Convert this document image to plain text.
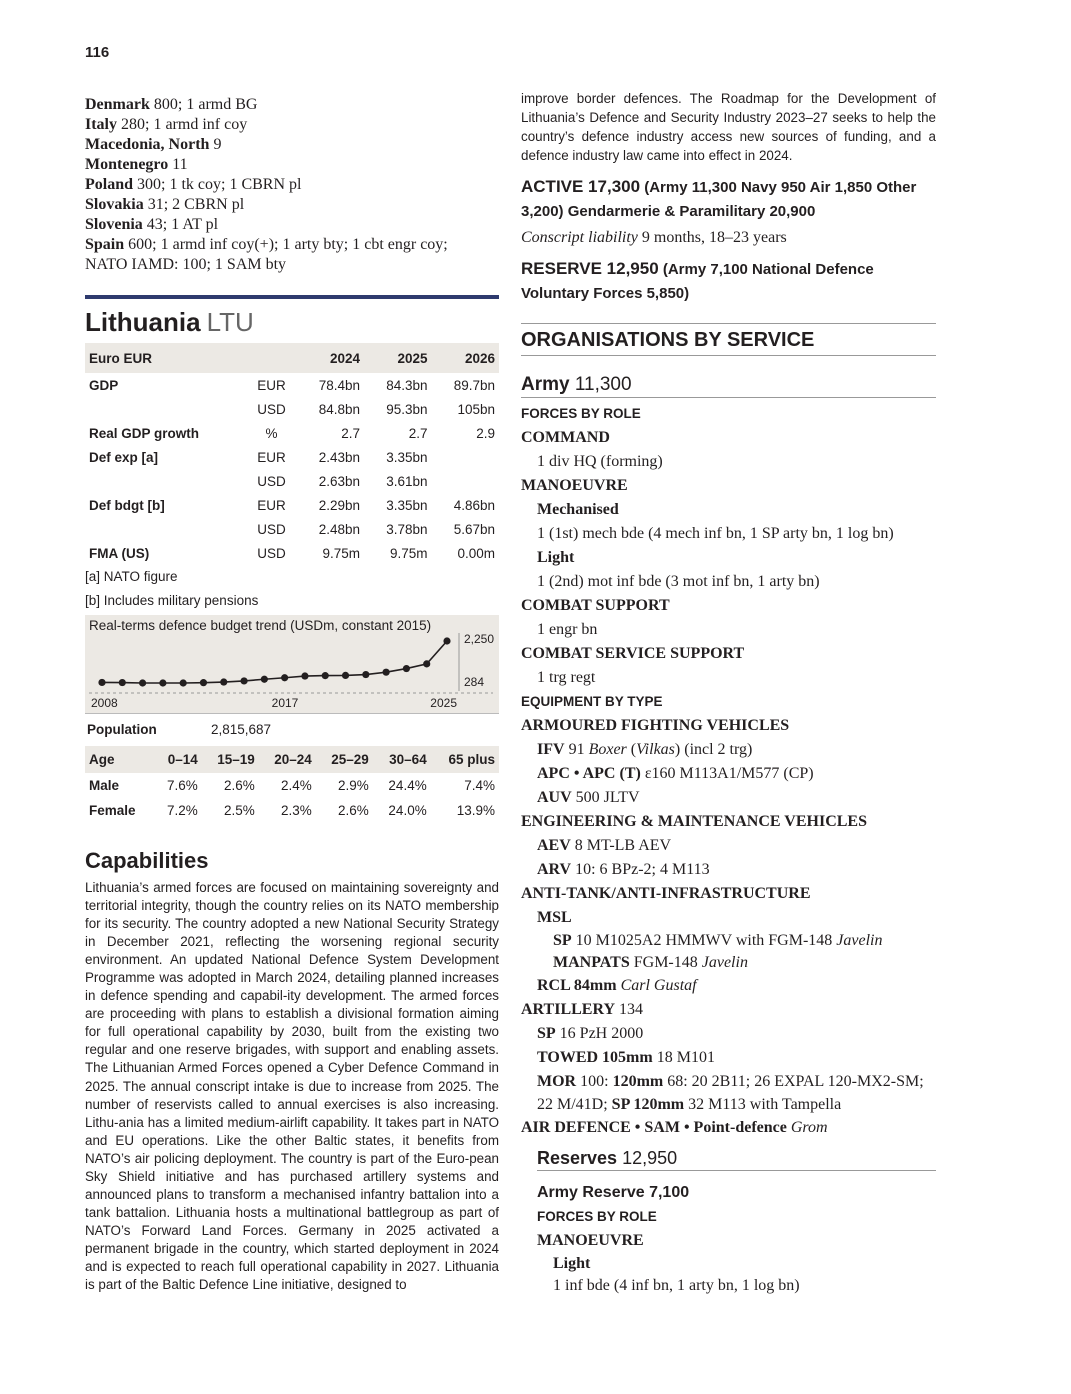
116
Denmark 800; 1 armd BG
Italy 280; 1 armd inf coy
Macedonia, North 9
Montenegro 11
Poland 300; 1 tk coy; 1 CBRN pl
Slovakia 31; 2 CBRN pl
Slovenia 43; 1 AT pl
Spain 600; 1 armd inf coy(+); 1 arty bty; 1 cbt engr coy;
NATO IAMD: 100; 1 SAM bty
Lithuania LTU
Euro EUR		2024	2025	2026
GDP	EUR	78.4bn	84.3bn	89.7bn
	USD	84.8bn	95.3bn	105bn
Real GDP growth	%	2.7	2.7	2.9
Def exp [a]	EUR	2.43bn	3.35bn	
	USD	2.63bn	3.61bn	
Def bdgt [b]	EUR	2.29bn	3.35bn	4.86bn
	USD	2.48bn	3.78bn	5.67bn
FMA (US)	USD	9.75m	9.75m	0.00m
[a] NATO figure
[b] Includes military pensions
Real-terms defence budget trend (USDm, constant 2015)
2,250
284
2008	2017	2025
Population	2,815,687
Age	0–14	15–19	20–24	25–29	30–64	65 plus
Male	7.6%	2.6%	2.4%	2.9%	24.4%	7.4%
Female	7.2%	2.5%	2.3%	2.6%	24.0%	13.9%
Capabilities
Lithuania’s armed forces are focused on maintaining sovereignty and territorial integrity, though the country relies on its NATO membership for its security. The country adopted a new National Security Strategy in December 2021, reflecting the worsening regional security environment. An updated National Defence System Development Programme was adopted in March 2024, detailing planned increases in defence spending and capabil-ity development. The armed forces are proceeding with plans to establish a divisional formation aiming for full operational capability by 2030, built from the existing two regular and one reserve brigades, with support and enabling assets. The Lithuanian Armed Forces opened a Cyber Defence Command in 2025. The annual conscript intake is due to increase from 2025. The number of reservists called to annual exercises is also increasing. Lithu-ania has a limited medium-airlift capability. It takes part in NATO and EU operations. Like the other Baltic states, it benefits from NATO’s air policing deployment. The country is part of the Euro-pean Sky Shield initiative and has purchased artillery systems and announced plans to transform a mechanised infantry battalion into a tank battalion. Lithuania hosts a multinational battlegroup as part of NATO’s Forward Land Forces. Germany in 2025 activated a permanent brigade in the country, which started deployment in 2024 and is expected to reach full operational capability in 2027. Lithuania is part of the Baltic Defence Line initiative, designed to
improve border defences. The Roadmap for the Development of Lithuania’s Defence and Security Industry 2023–27 seeks to help the country’s defence industry access new sources of funding, and a defence industry law came into effect in 2024.
ACTIVE 17,300 (Army 11,300 Navy 950 Air 1,850 Other 3,200) Gendarmerie & Paramilitary 20,900
Conscript liability 9 months, 18–23 years
RESERVE 12,950 (Army 7,100 National Defence Voluntary Forces 5,850)
ORGANISATIONS BY SERVICE
Army 11,300
FORCES BY ROLE
COMMAND
1 div HQ (forming)
MANOEUVRE
Mechanised
1 (1st) mech bde (4 mech inf bn, 1 SP arty bn, 1 log bn)
Light
1 (2nd) mot inf bde (3 mot inf bn, 1 arty bn)
COMBAT SUPPORT
1 engr bn
COMBAT SERVICE SUPPORT
1 trg regt
EQUIPMENT BY TYPE
ARMOURED FIGHTING VEHICLES
IFV 91 Boxer (Vilkas) (incl 2 trg)
APC • APC (T) ε160 M113A1/M577 (CP)
AUV 500 JLTV
ENGINEERING & MAINTENANCE VEHICLES
AEV 8 MT-LB AEV
ARV 10: 6 BPz-2; 4 M113
ANTI-TANK/ANTI-INFRASTRUCTURE
MSL
SP 10 M1025A2 HMMWV with FGM-148 Javelin
MANPATS FGM-148 Javelin
RCL 84mm Carl Gustaf
ARTILLERY 134
SP 16 PzH 2000
TOWED 105mm 18 M101
MOR 100: 120mm 68: 20 2B11; 26 EXPAL 120-MX2-SM;
22 M/41D; SP 120mm 32 M113 with Tampella
AIR DEFENCE • SAM • Point-defence Grom
Reserves 12,950
Army Reserve 7,100
FORCES BY ROLE
MANOEUVRE
Light
1 inf bde (4 inf bn, 1 arty bn, 1 log bn)
